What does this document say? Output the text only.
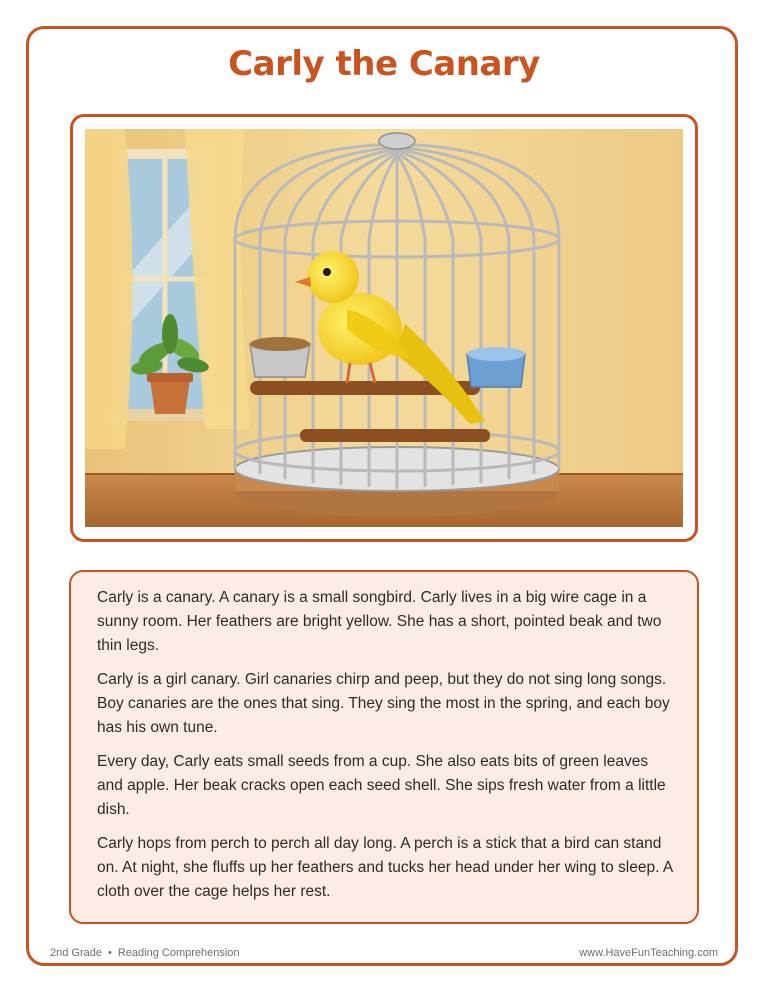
Carly the Canary

Carly is a canary. A canary is a small songbird. Carly lives in a big wire cage in a sunny room. Her feathers are bright yellow. She has a short, pointed beak and two thin legs.

Carly is a girl canary. Girl canaries chirp and peep, but they do not sing long songs. Boy canaries are the ones that sing. They sing the most in the spring, and each boy has his own tune.

Every day, Carly eats small seeds from a cup. She also eats bits of green leaves and apple. Her beak cracks open each seed shell. She sips fresh water from a little dish.

Carly hops from perch to perch all day long. A perch is a stick that a bird can stand on. At night, she fluffs up her feathers and tucks her head under her wing to sleep. A cloth over the cage helps her rest.

2nd Grade • Reading Comprehension	www.HaveFunTeaching.com
